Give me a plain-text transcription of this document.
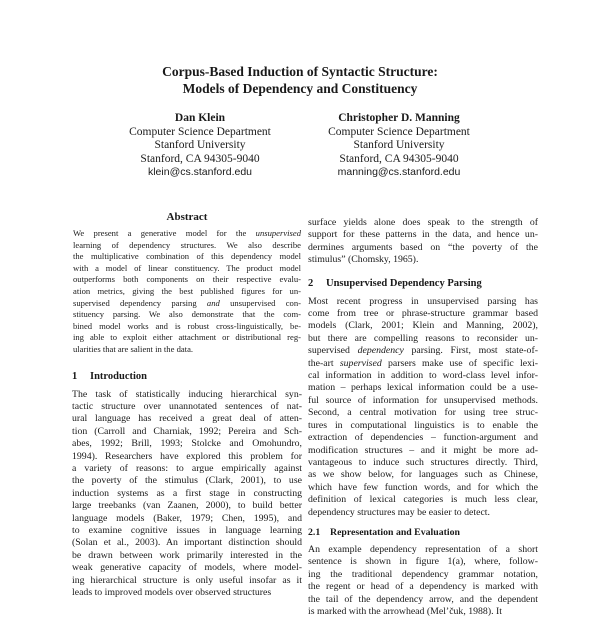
Corpus-Based Induction of Syntactic Structure:
Models of Dependency and Constituency
Dan Klein
Computer Science Department
Stanford University
Stanford, CA 94305-9040
klein@cs.stanford.edu
Christopher D. Manning
Computer Science Department
Stanford University
Stanford, CA 94305-9040
manning@cs.stanford.edu
Abstract
We present a generative model for the unsupervised
learning of dependency structures. We also describe
the multiplicative combination of this dependency model
with a model of linear constituency. The product model
outperforms both components on their respective evalu-
ation metrics, giving the best published figures for un-
supervised dependency parsing and unsupervised con-
stituency parsing. We also demonstrate that the com-
bined model works and is robust cross-linguistically, be-
ing able to exploit either attachment or distributional reg-
ularities that are salient in the data.
1 Introduction
The task of statistically inducing hierarchical syn-
tactic structure over unannotated sentences of nat-
ural language has received a great deal of atten-
tion (Carroll and Charniak, 1992; Pereira and Sch-
abes, 1992; Brill, 1993; Stolcke and Omohundro,
1994). Researchers have explored this problem for
a variety of reasons: to argue empirically against
the poverty of the stimulus (Clark, 2001), to use
induction systems as a first stage in constructing
large treebanks (van Zaanen, 2000), to build better
language models (Baker, 1979; Chen, 1995), and
to examine cognitive issues in language learning
(Solan et al., 2003). An important distinction should
be drawn between work primarily interested in the
weak generative capacity of models, where model-
ing hierarchical structure is only useful insofar as it
leads to improved models over observed structures
surface yields alone does speak to the strength of
support for these patterns in the data, and hence un-
dermines arguments based on “the poverty of the
stimulus” (Chomsky, 1965).
2 Unsupervised Dependency Parsing
Most recent progress in unsupervised parsing has
come from tree or phrase-structure grammar based
models (Clark, 2001; Klein and Manning, 2002),
but there are compelling reasons to reconsider un-
supervised dependency parsing. First, most state-of-
the-art supervised parsers make use of specific lexi-
cal information in addition to word-class level infor-
mation – perhaps lexical information could be a use-
ful source of information for unsupervised methods.
Second, a central motivation for using tree struc-
tures in computational linguistics is to enable the
extraction of dependencies – function-argument and
modification structures – and it might be more ad-
vantageous to induce such structures directly. Third,
as we show below, for languages such as Chinese,
which have few function words, and for which the
definition of lexical categories is much less clear,
dependency structures may be easier to detect.
2.1 Representation and Evaluation
An example dependency representation of a short
sentence is shown in figure 1(a), where, follow-
ing the traditional dependency grammar notation,
the regent or head of a dependency is marked with
the tail of the dependency arrow, and the dependent
is marked with the arrowhead (Mel’čuk, 1988). It
